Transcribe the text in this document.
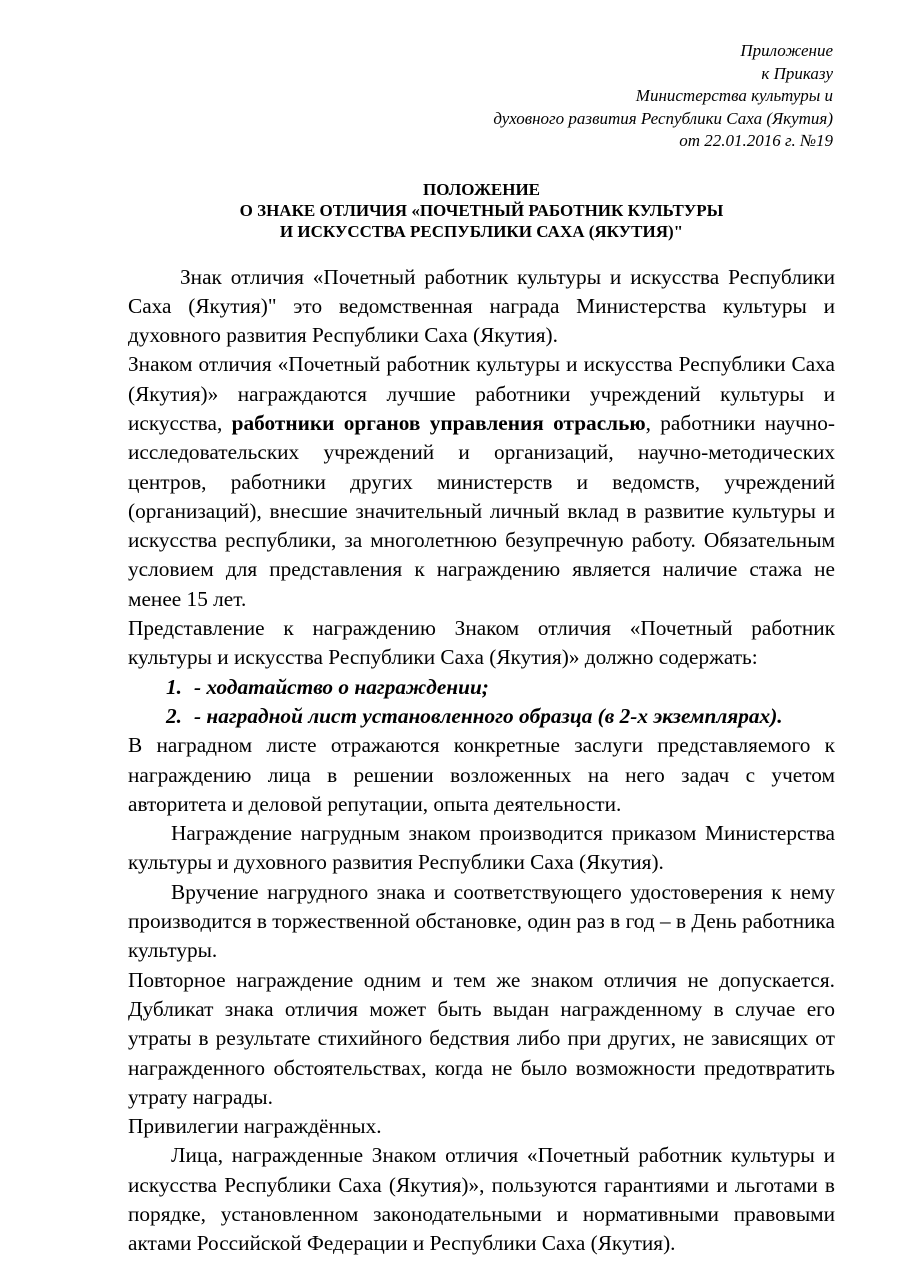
Приложение
к Приказу
Министерства культуры и
духовного развития Республики Саха (Якутия)
от 22.01.2016 г. №19
ПОЛОЖЕНИЕ
О ЗНАКЕ ОТЛИЧИЯ «ПОЧЕТНЫЙ РАБОТНИК КУЛЬТУРЫ
И ИСКУССТВА РЕСПУБЛИКИ САХА (ЯКУТИЯ)"

Знак отличия «Почетный работник культуры и искусства Республики Саха (Якутия)" это ведомственная награда Министерства культуры и духовного развития Республики Саха (Якутия).

Знаком отличия «Почетный работник культуры и искусства Республики Саха (Якутия)» награждаются лучшие работники учреждений культуры и искусства, работники органов управления отраслью, работники научно-исследовательских учреждений и организаций, научно-методических центров, работники других министерств и ведомств, учреждений (организаций), внесшие значительный личный вклад в развитие культуры и искусства республики, за многолетнюю безупречную работу. Обязательным условием для представления к награждению является наличие стажа не менее 15 лет.

Представление к награждению Знаком отличия «Почетный работник культуры и искусства Республики Саха (Якутия)» должно содержать:

1. - ходатайство о награждении;

2. - наградной лист установленного образца (в 2-х экземплярах).

В наградном листе отражаются конкретные заслуги представляемого к награждению лица в решении возложенных на него задач с учетом авторитета и деловой репутации, опыта деятельности.

Награждение нагрудным знаком производится приказом Министерства культуры и духовного развития Республики Саха (Якутия).

Вручение нагрудного знака и соответствующего удостоверения к нему производится в торжественной обстановке, один раз в год – в День работника культуры.

Повторное награждение одним и тем же знаком отличия не допускается. Дубликат знака отличия может быть выдан награжденному в случае его утраты в результате стихийного бедствия либо при других, не зависящих от награжденного обстоятельствах, когда не было возможности предотвратить утрату награды.

Привилегии награждённых.

Лица, награжденные Знаком отличия «Почетный работник культуры и искусства Республики Саха (Якутия)», пользуются гарантиями и льготами в порядке, установленном законодательными и нормативными правовыми актами Российской Федерации и Республики Саха (Якутия).
